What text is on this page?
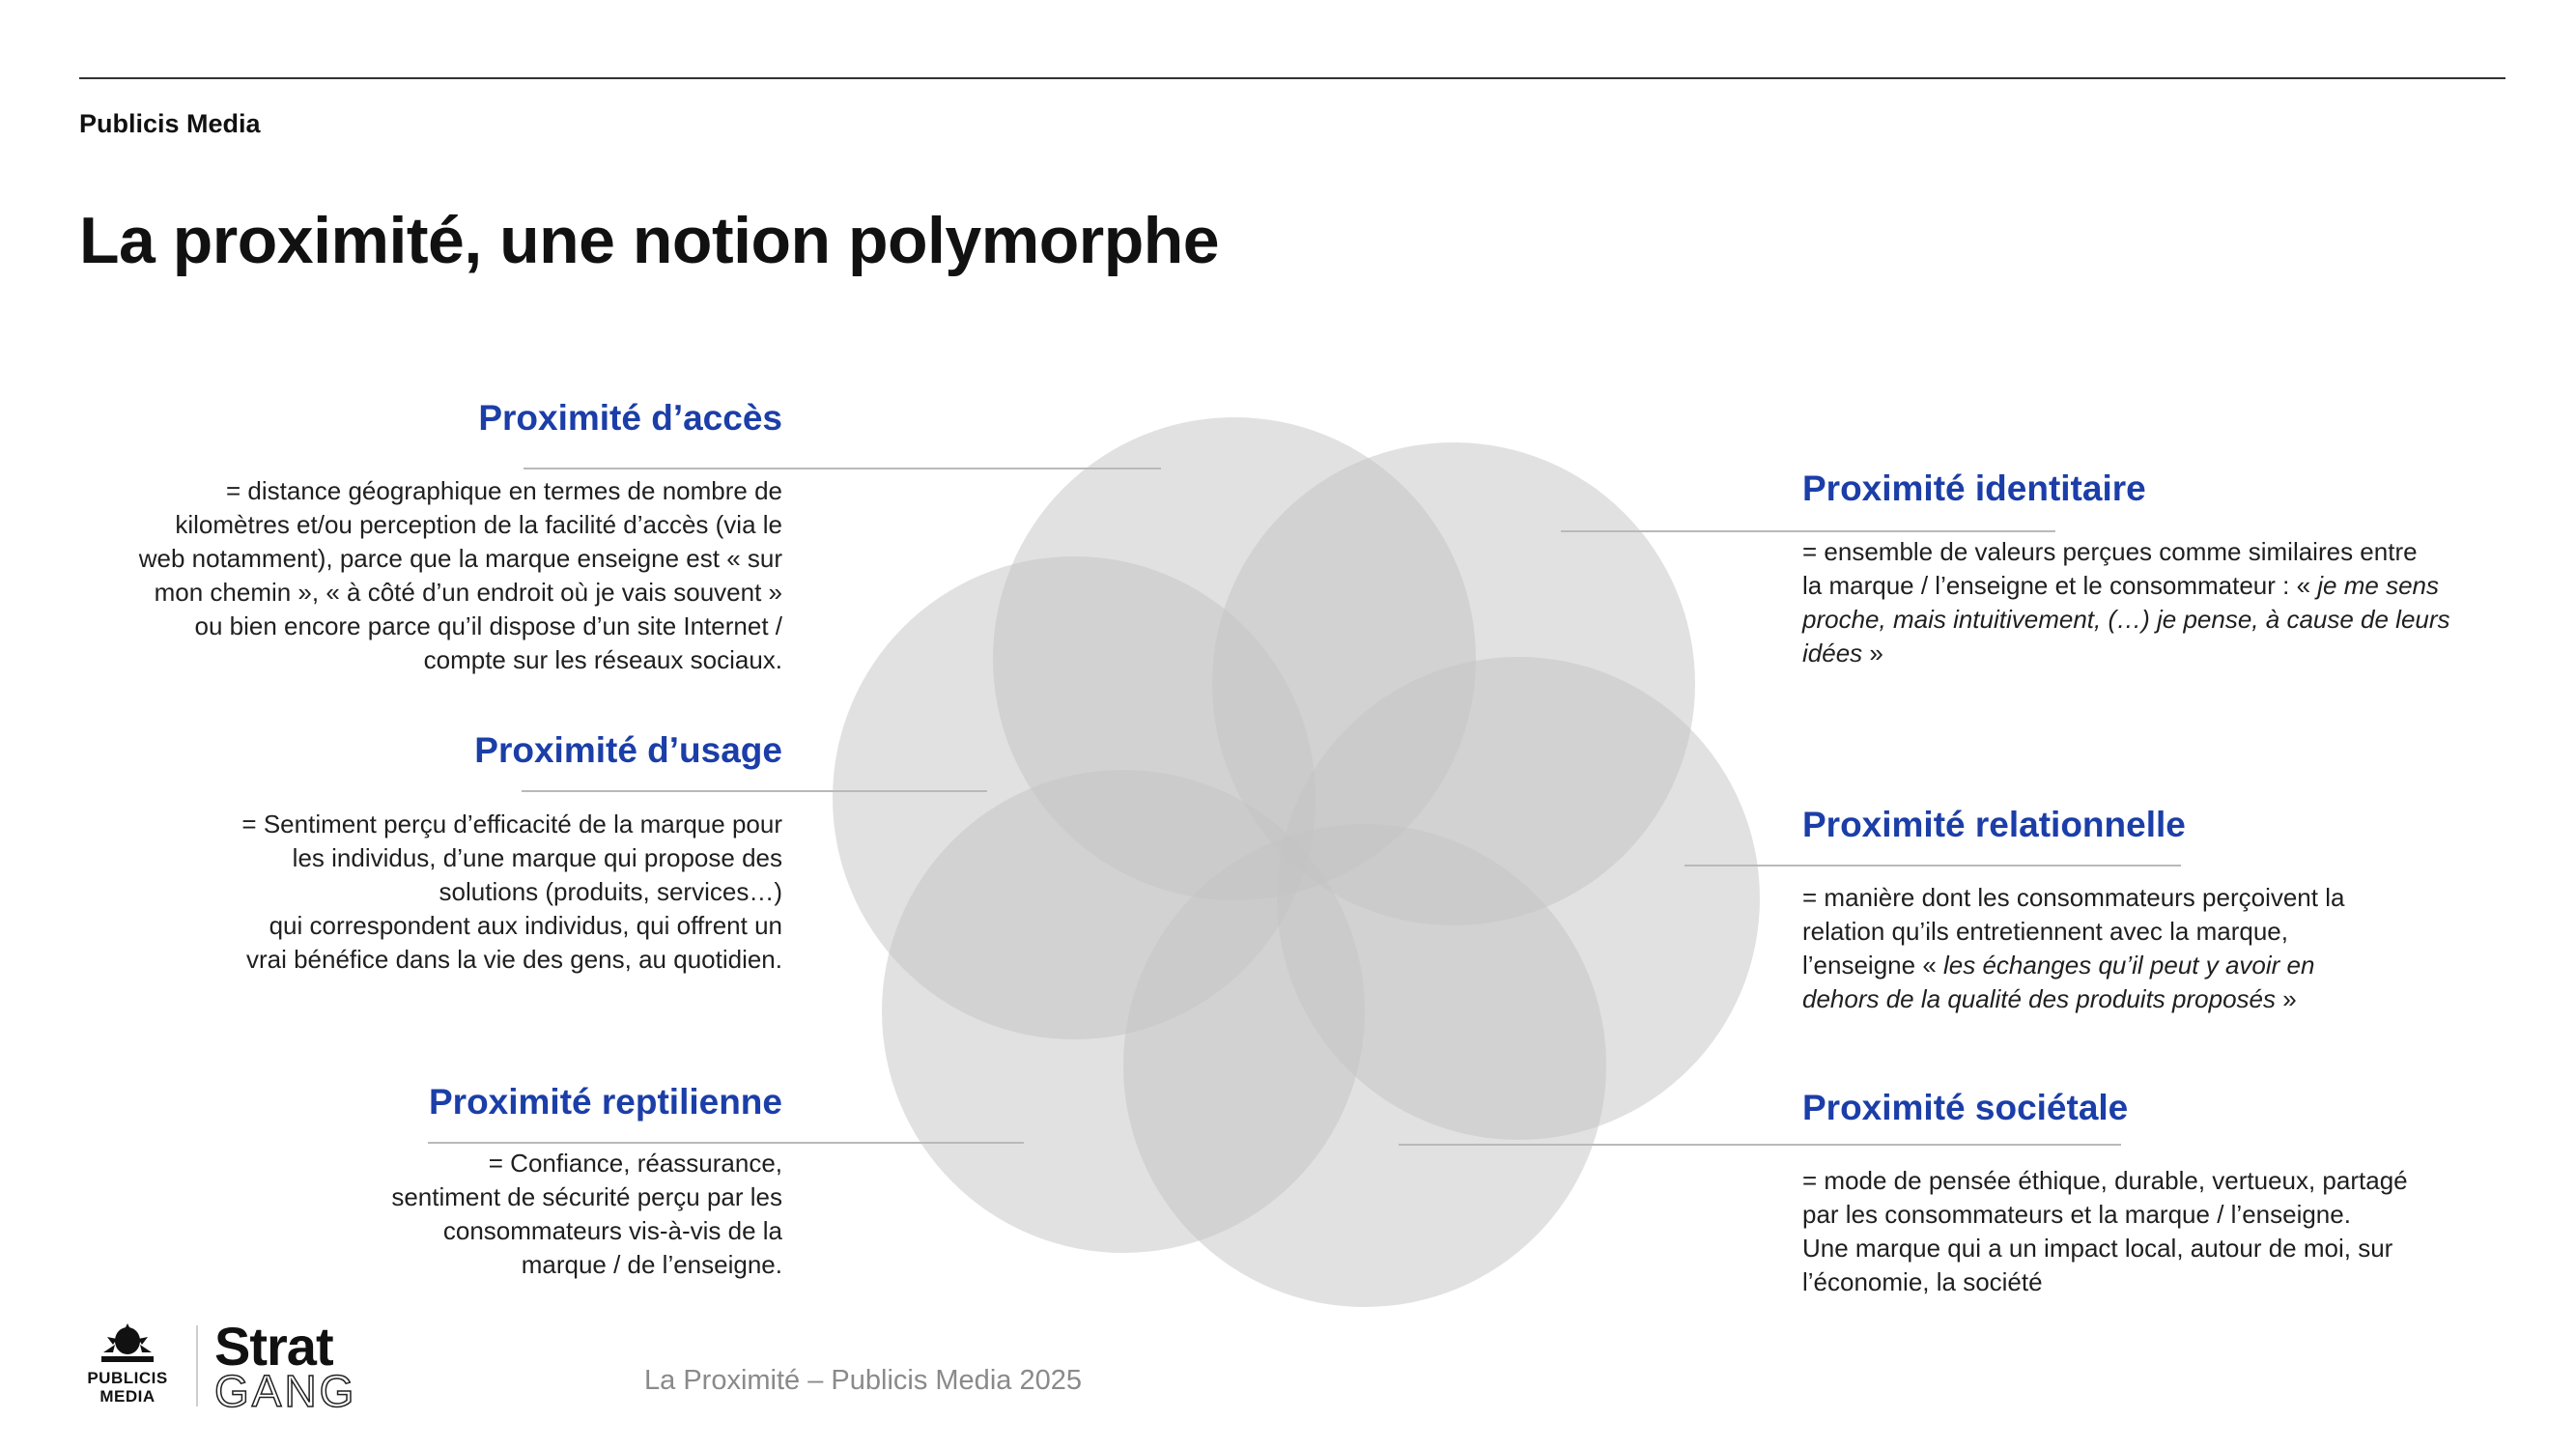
Publicis Media
La proximité, une notion polymorphe
Proximité d’accès

= distance géographique en termes de nombre de
kilomètres et/ou perception de la facilité d’accès (via le
web notamment), parce que la marque enseigne est « sur
mon chemin », « à côté d’un endroit où je vais souvent »
ou bien encore parce qu’il dispose d’un site Internet /
compte sur les réseaux sociaux.

Proximité d’usage

= Sentiment perçu d’efficacité de la marque pour
les individus, d’une marque qui propose des
solutions (produits, services…)
qui correspondent aux individus, qui offrent un
vrai bénéfice dans la vie des gens, au quotidien.

Proximité reptilienne

= Confiance, réassurance,
sentiment de sécurité perçu par les
consommateurs vis-à-vis de la
marque / de l’enseigne.

Proximité identitaire

= ensemble de valeurs perçues comme similaires entre
la marque / l’enseigne et le consommateur : « je me sens
proche, mais intuitivement, (…) je pense, à cause de leurs
idées »

Proximité relationnelle

= manière dont les consommateurs perçoivent la
relation qu’ils entretiennent avec la marque,
l’enseigne « les échanges qu’il peut y avoir en
dehors de la qualité des produits proposés »

Proximité sociétale

= mode de pensée éthique, durable, vertueux, partagé
par les consommateurs et la marque / l’enseigne.
Une marque qui a un impact local, autour de moi, sur
l’économie, la société

PUBLICIS
MEDIA
Strat
GANG	La Proximité – Publicis Media 2025
